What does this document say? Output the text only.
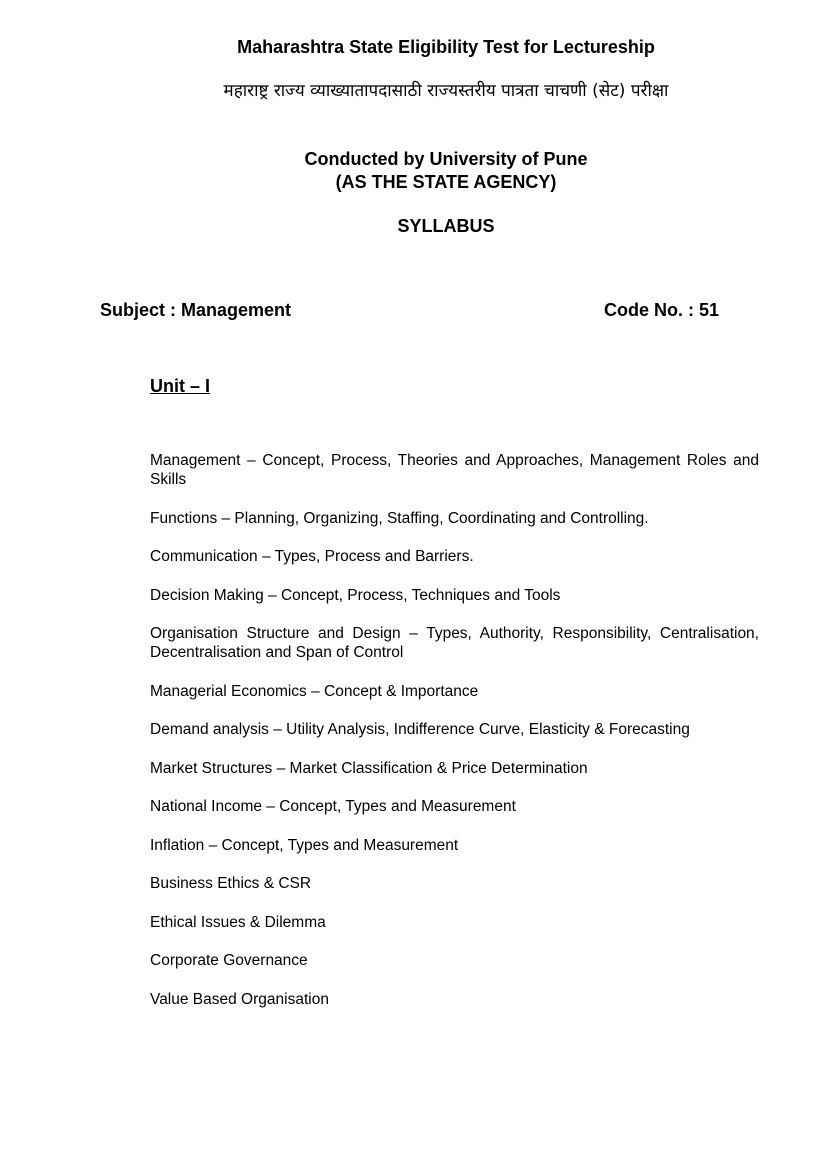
Maharashtra State Eligibility Test for Lectureship
महाराष्ट्र राज्य व्याख्यातापदासाठी राज्यस्तरीय पात्रता चाचणी (सेट) परीक्षा
Conducted by University of Pune
(AS THE STATE AGENCY)
SYLLABUS
Subject : Management	Code No. : 51
Unit – I
Management – Concept, Process, Theories and Approaches, Management Roles and Skills
Functions – Planning, Organizing, Staffing, Coordinating and Controlling.
Communication – Types, Process and Barriers.
Decision Making – Concept, Process, Techniques and Tools
Organisation Structure and Design – Types, Authority, Responsibility, Centralisation, Decentralisation and Span of Control
Managerial Economics – Concept & Importance
Demand analysis – Utility Analysis, Indifference Curve, Elasticity & Forecasting
Market Structures – Market Classification & Price Determination
National Income – Concept, Types and Measurement
Inflation – Concept, Types and Measurement
Business Ethics & CSR
Ethical Issues & Dilemma
Corporate Governance
Value Based Organisation
